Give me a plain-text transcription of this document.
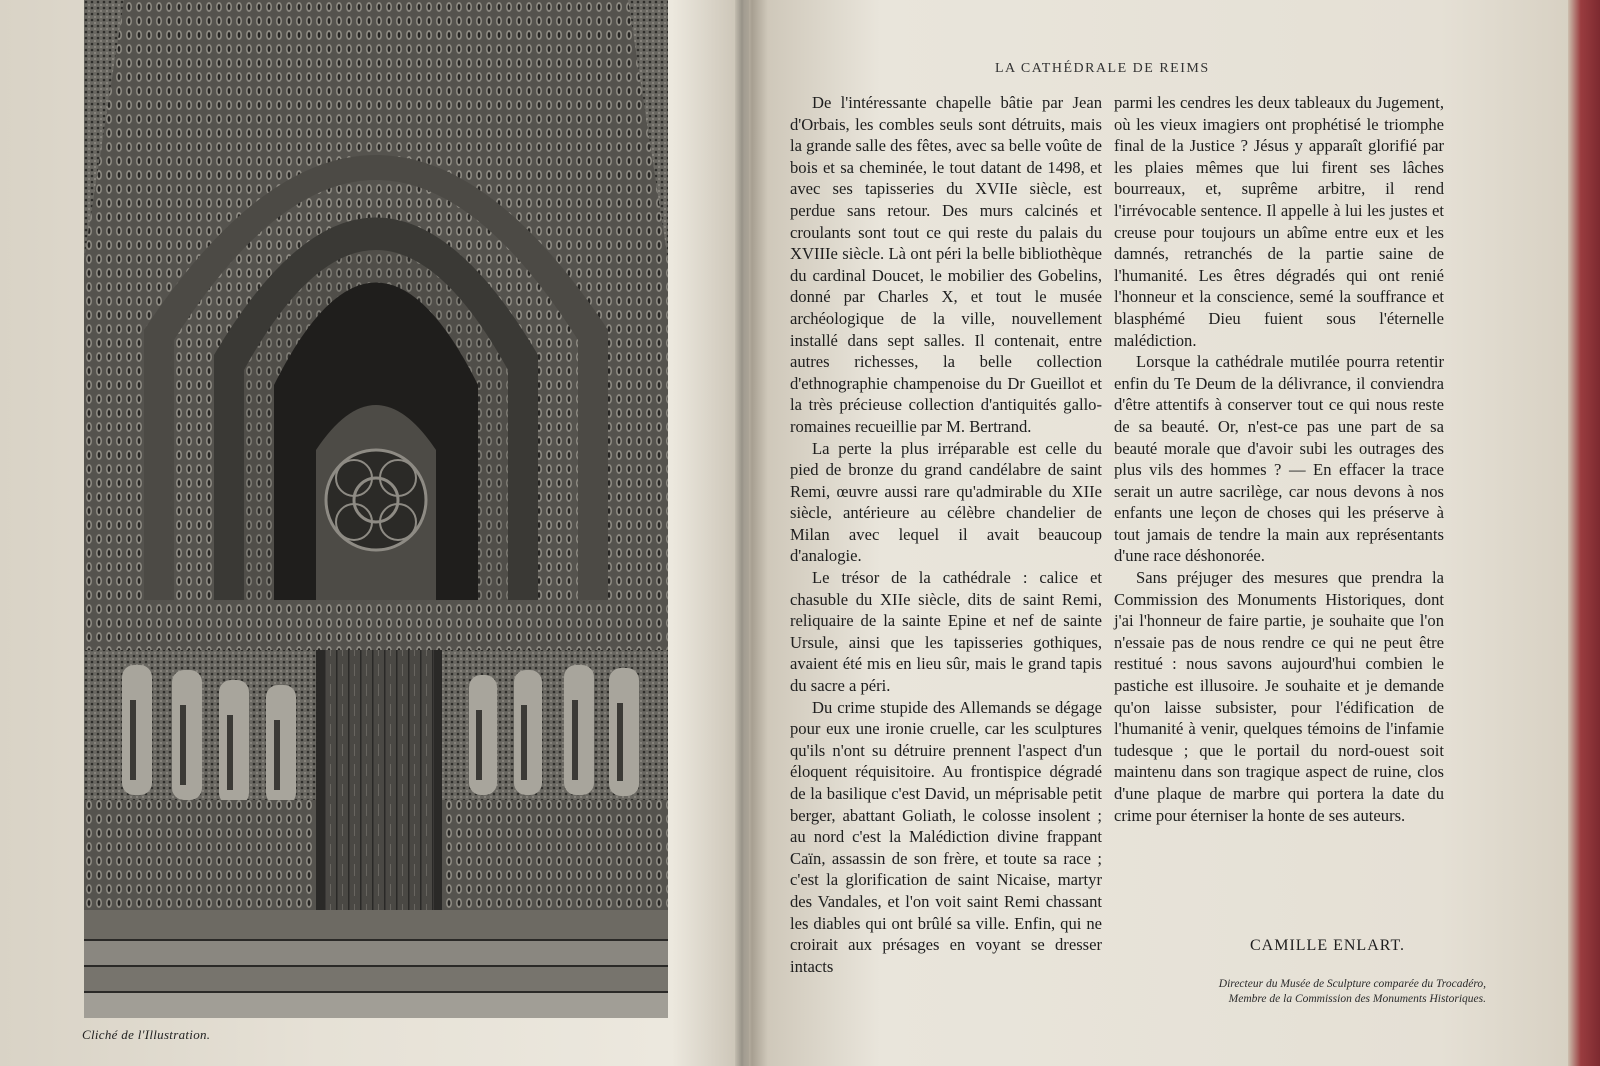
Cliché de l'Illustration.
LA CATHÉDRALE DE REIMS

De l'intéressante chapelle bâtie par Jean d'Orbais, les combles seuls sont détruits, mais la grande salle des fêtes, avec sa belle voûte de bois et sa cheminée, le tout datant de 1498, et avec ses tapisseries du XVIIe siècle, est perdue sans retour. Des murs calcinés et croulants sont tout ce qui reste du palais du XVIIIe siècle. Là ont péri la belle bibliothèque du cardinal Doucet, le mobilier des Gobelins, donné par Charles X, et tout le musée archéologique de la ville, nouvellement installé dans sept salles. Il contenait, entre autres richesses, la belle collection d'ethnographie champenoise du Dr Gueillot et la très précieuse collection d'antiquités gallo-romaines recueillie par M. Bertrand.

La perte la plus irréparable est celle du pied de bronze du grand candélabre de saint Remi, œuvre aussi rare qu'admirable du XIIe siècle, antérieure au célèbre chandelier de Milan avec lequel il avait beaucoup d'analogie.

Le trésor de la cathédrale : calice et chasuble du XIIe siècle, dits de saint Remi, reliquaire de la sainte Epine et nef de sainte Ursule, ainsi que les tapisseries gothiques, avaient été mis en lieu sûr, mais le grand tapis du sacre a péri.

Du crime stupide des Allemands se dégage pour eux une ironie cruelle, car les sculptures qu'ils n'ont su détruire prennent l'aspect d'un éloquent réquisitoire. Au frontispice dégradé de la basilique c'est David, un méprisable petit berger, abattant Goliath, le colosse insolent ; au nord c'est la Malédiction divine frappant Caïn, assassin de son frère, et toute sa race ; c'est la glorification de saint Nicaise, martyr des Vandales, et l'on voit saint Remi chassant les diables qui ont brûlé sa ville. Enfin, qui ne croirait aux présages en voyant se dresser intacts

parmi les cendres les deux tableaux du Jugement, où les vieux imagiers ont prophétisé le triomphe final de la Justice ? Jésus y apparaît glorifié par les plaies mêmes que lui firent ses lâches bourreaux, et, suprême arbitre, il rend l'irrévocable sentence. Il appelle à lui les justes et creuse pour toujours un abîme entre eux et les damnés, retranchés de la partie saine de l'humanité. Les êtres dégradés qui ont renié l'honneur et la conscience, semé la souffrance et blasphémé Dieu fuient sous l'éternelle malédiction.

Lorsque la cathédrale mutilée pourra retentir enfin du Te Deum de la délivrance, il conviendra d'être attentifs à conserver tout ce qui nous reste de sa beauté. Or, n'est-ce pas une part de sa beauté morale que d'avoir subi les outrages des plus vils des hommes ? — En effacer la trace serait un autre sacrilège, car nous devons à nos enfants une leçon de choses qui les préserve à tout jamais de tendre la main aux représentants d'une race déshonorée.

Sans préjuger des mesures que prendra la Commission des Monuments Historiques, dont j'ai l'honneur de faire partie, je souhaite que l'on n'essaie pas de nous rendre ce qui ne peut être restitué : nous savons aujourd'hui combien le pastiche est illusoire. Je souhaite et je demande qu'on laisse subsister, pour l'édification de l'humanité à venir, quelques témoins de l'infamie tudesque ; que le portail du nord-ouest soit maintenu dans son tragique aspect de ruine, clos d'une plaque de marbre qui portera la date du crime pour éterniser la honte de ses auteurs.

CAMILLE ENLART.
Directeur du Musée de Sculpture comparée du Trocadéro, Membre de la Commission des Monuments Historiques.
